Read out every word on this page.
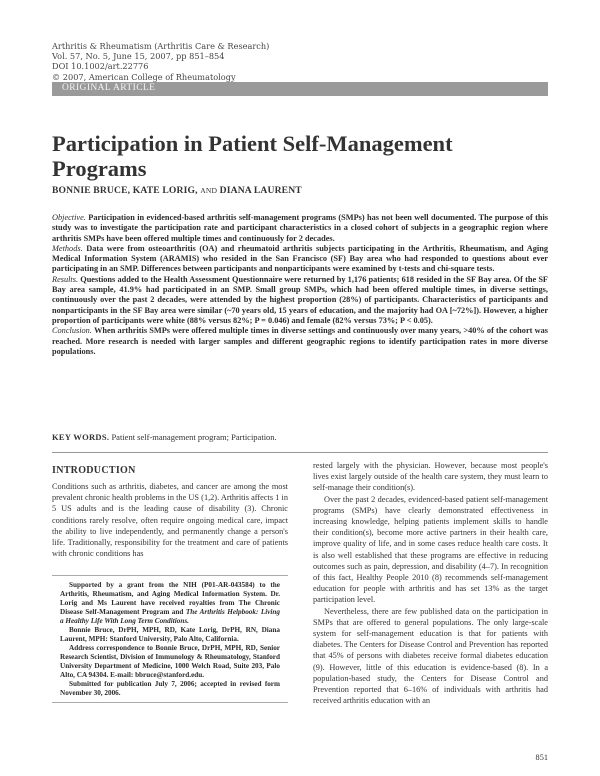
Arthritis & Rheumatism (Arthritis Care & Research)
Vol. 57, No. 5, June 15, 2007, pp 851–854
DOI 10.1002/art.22776
© 2007, American College of Rheumatology
ORIGINAL ARTICLE
Participation in Patient Self-Management Programs
BONNIE BRUCE, KATE LORIG, AND DIANA LAURENT
Objective. Participation in evidenced-based arthritis self-management programs (SMPs) has not been well documented. The purpose of this study was to investigate the participation rate and participant characteristics in a closed cohort of subjects in a geographic region where arthritis SMPs have been offered multiple times and continuously for 2 decades.
Methods. Data were from osteoarthritis (OA) and rheumatoid arthritis subjects participating in the Arthritis, Rheumatism, and Aging Medical Information System (ARAMIS) who resided in the San Francisco (SF) Bay area who had responded to questions about ever participating in an SMP. Differences between participants and nonparticipants were examined by t-tests and chi-square tests.
Results. Questions added to the Health Assessment Questionnaire were returned by 1,176 patients; 618 resided in the SF Bay area. Of the SF Bay area sample, 41.9% had participated in an SMP. Small group SMPs, which had been offered multiple times, in diverse settings, continuously over the past 2 decades, were attended by the highest proportion (28%) of participants. Characteristics of participants and nonparticipants in the SF Bay area were similar (~70 years old, 15 years of education, and the majority had OA [~72%]). However, a higher proportion of participants were white (88% versus 82%; P = 0.046) and female (82% versus 73%; P < 0.05).
Conclusion. When arthritis SMPs were offered multiple times in diverse settings and continuously over many years, >40% of the cohort was reached. More research is needed with larger samples and different geographic regions to identify participation rates in more diverse populations.
KEY WORDS. Patient self-management program; Participation.
INTRODUCTION

Conditions such as arthritis, diabetes, and cancer are among the most prevalent chronic health problems in the US (1,2). Arthritis affects 1 in 5 US adults and is the leading cause of disability (3). Chronic conditions rarely resolve, often require ongoing medical care, impact the ability to live independently, and permanently change a person's life. Traditionally, responsibility for the treatment and care of patients with chronic conditions has

Supported by a grant from the NIH (P01-AR-043584) to the Arthritis, Rheumatism, and Aging Medical Information System. Dr. Lorig and Ms Laurent have received royalties from The Chronic Disease Self-Management Program and The Arthritis Helpbook: Living a Healthy Life With Long Term Conditions.

Bonnie Bruce, DrPH, MPH, RD, Kate Lorig, DrPH, RN, Diana Laurent, MPH: Stanford University, Palo Alto, California.

Address correspondence to Bonnie Bruce, DrPH, MPH, RD, Senior Research Scientist, Division of Immunology & Rheumatology, Stanford University Department of Medicine, 1000 Welch Road, Suite 203, Palo Alto, CA 94304. E-mail: bbruce@stanford.edu.

Submitted for publication July 7, 2006; accepted in revised form November 30, 2006.

rested largely with the physician. However, because most people's lives exist largely outside of the health care system, they must learn to self-manage their condition(s).

Over the past 2 decades, evidenced-based patient self-management programs (SMPs) have clearly demonstrated effectiveness in increasing knowledge, helping patients implement skills to handle their condition(s), become more active partners in their health care, improve quality of life, and in some cases reduce health care costs. It is also well established that these programs are effective in reducing outcomes such as pain, depression, and disability (4–7). In recognition of this fact, Healthy People 2010 (8) recommends self-management education for people with arthritis and has set 13% as the target participation level.

Nevertheless, there are few published data on the participation in SMPs that are offered to general populations. The only large-scale system for self-management education is that for patients with diabetes. The Centers for Disease Control and Prevention has reported that 45% of persons with diabetes receive formal diabetes education (9). However, little of this education is evidence-based (8). In a population-based study, the Centers for Disease Control and Prevention reported that 6–16% of individuals with arthritis had received arthritis education with an

851
